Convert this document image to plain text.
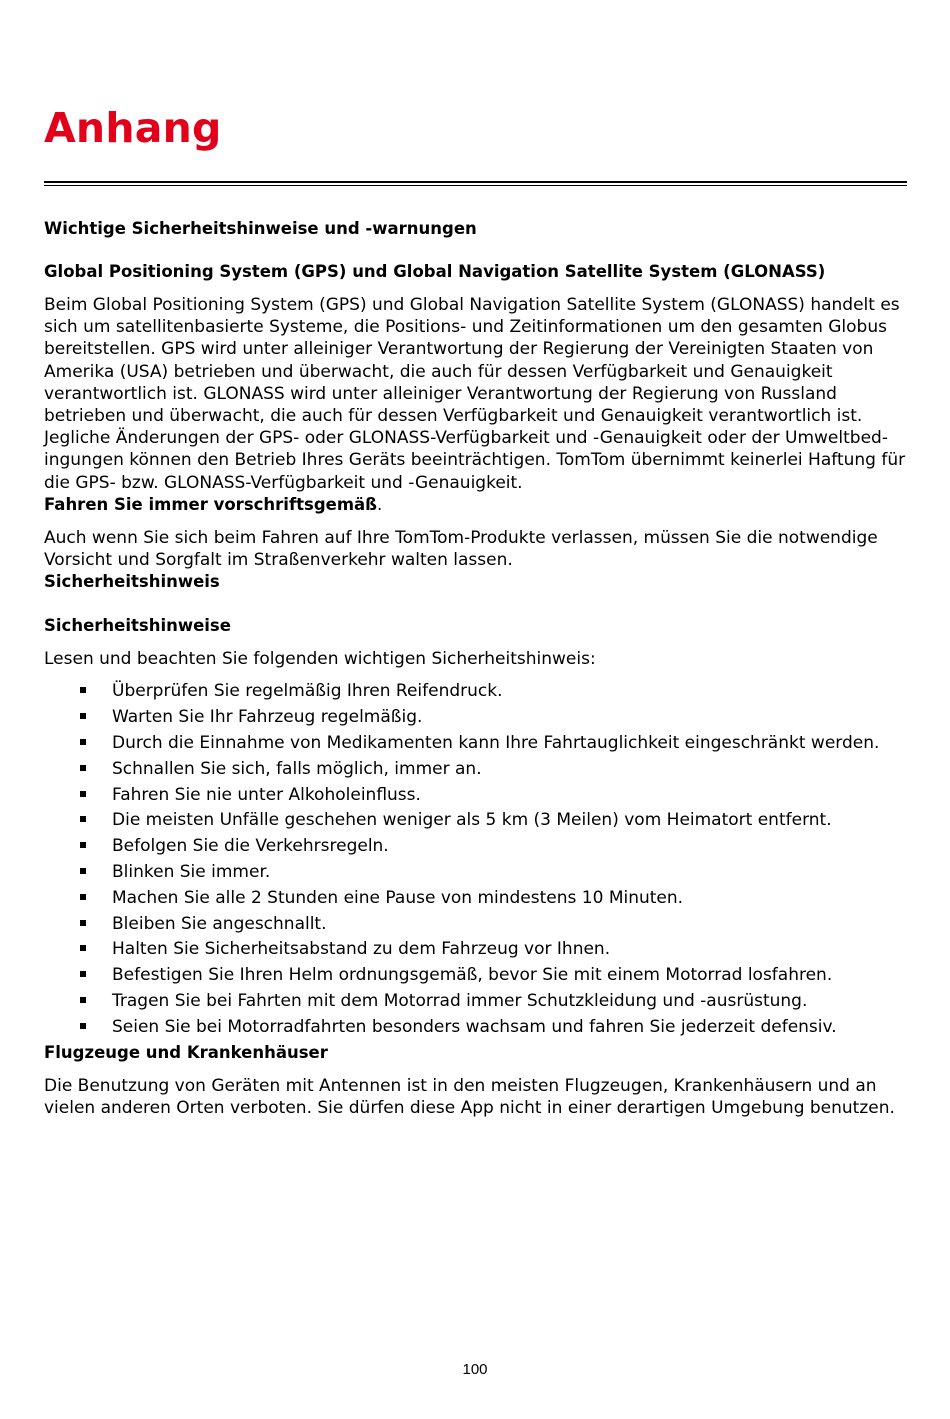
Anhang

Wichtige Sicherheitshinweise und -warnungen

Global Positioning System (GPS) und Global Navigation Satellite System (GLONASS)

Beim Global Positioning System (GPS) und Global Navigation Satellite System (GLONASS) handelt es sich um satellitenbasierte Systeme, die Positions- und Zeitinformationen um den gesamten Globus bereitstellen. GPS wird unter alleiniger Verantwortung der Regierung der Vereinigten Staaten von Amerika (USA) betrieben und überwacht, die auch für dessen Verfügbarkeit und Genauigkeit verantwortlich ist. GLONASS wird unter alleiniger Verantwortung der Regierung von Russland betrieben und überwacht, die auch für dessen Verfügbarkeit und Genauigkeit verantwortlich ist. Jegliche Änderungen der GPS- oder GLONASS-Verfügbarkeit und -Genauigkeit oder der Umweltbed-ingungen können den Betrieb Ihres Geräts beeinträchtigen. TomTom übernimmt keinerlei Haftung für die GPS- bzw. GLONASS-Verfügbarkeit und -Genauigkeit.

Fahren Sie immer vorschriftsgemäß.

Auch wenn Sie sich beim Fahren auf Ihre TomTom-Produkte verlassen, müssen Sie die notwendige Vorsicht und Sorgfalt im Straßenverkehr walten lassen.

Sicherheitshinweis

Sicherheitshinweise

Lesen und beachten Sie folgenden wichtigen Sicherheitshinweis:

Überprüfen Sie regelmäßig Ihren Reifendruck.
Warten Sie Ihr Fahrzeug regelmäßig.
Durch die Einnahme von Medikamenten kann Ihre Fahrtauglichkeit eingeschränkt werden.
Schnallen Sie sich, falls möglich, immer an.
Fahren Sie nie unter Alkoholeinfluss.
Die meisten Unfälle geschehen weniger als 5 km (3 Meilen) vom Heimatort entfernt.
Befolgen Sie die Verkehrsregeln.
Blinken Sie immer.
Machen Sie alle 2 Stunden eine Pause von mindestens 10 Minuten.
Bleiben Sie angeschnallt.
Halten Sie Sicherheitsabstand zu dem Fahrzeug vor Ihnen.
Befestigen Sie Ihren Helm ordnungsgemäß, bevor Sie mit einem Motorrad losfahren.
Tragen Sie bei Fahrten mit dem Motorrad immer Schutzkleidung und -ausrüstung.
Seien Sie bei Motorradfahrten besonders wachsam und fahren Sie jederzeit defensiv.

Flugzeuge und Krankenhäuser

Die Benutzung von Geräten mit Antennen ist in den meisten Flugzeugen, Krankenhäusern und an vielen anderen Orten verboten. Sie dürfen diese App nicht in einer derartigen Umgebung benutzen.

100
